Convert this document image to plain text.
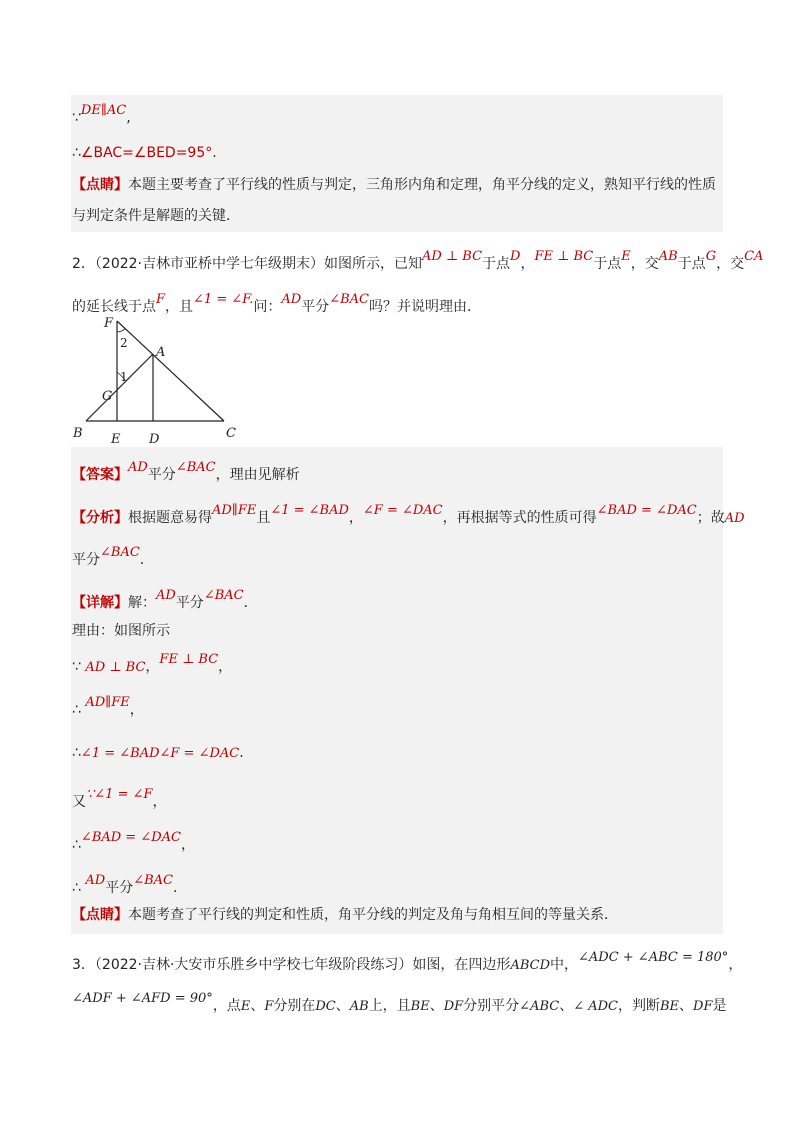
∵DE∥AC,
∴∠BAC=∠BED=95°.
【点睛】本题主要考查了平行线的性质与判定，三角形内角和定理，角平分线的定义，熟知平行线的性质
与判定条件是解题的关键．
2．（2022·吉林市亚桥中学七年级期末）如图所示，已知AD ⊥ BC于点D，FE ⊥ BC于点E，交AB于点G，交CA
的延长线于点F，且∠1 = ∠F.问：AD平分∠BAC吗？并说明理由．
F
A
G
B E D	C
1
2
【答案】AD平分∠BAC，理由见解析
【分析】根据题意易得AD∥FE且∠1 = ∠BAD，∠F = ∠DAC，再根据等式的性质可得∠BAD = ∠DAC；故AD
平分∠BAC.
【详解】解：AD平分∠BAC．
理由：如图所示
∵ AD ⊥ BC，FE ⊥ BC，
∴ AD∥FE，
∴∠1 = ∠BAD∠F = ∠DAC.
又∵∠1 = ∠F，
∴∠BAD = ∠DAC，
∴ AD平分∠BAC.
【点睛】本题考查了平行线的判定和性质，角平分线的判定及角与角相互间的等量关系．
3．（2022·吉林·大安市乐胜乡中学校七年级阶段练习）如图，在四边形ABCD中，∠ADC + ∠ABC = 180°，
∠ADF + ∠AFD = 90°，点E、F分别在DC、AB上，且BE、DF分别平分∠ABC、∠ ADC，判断BE、DF是
